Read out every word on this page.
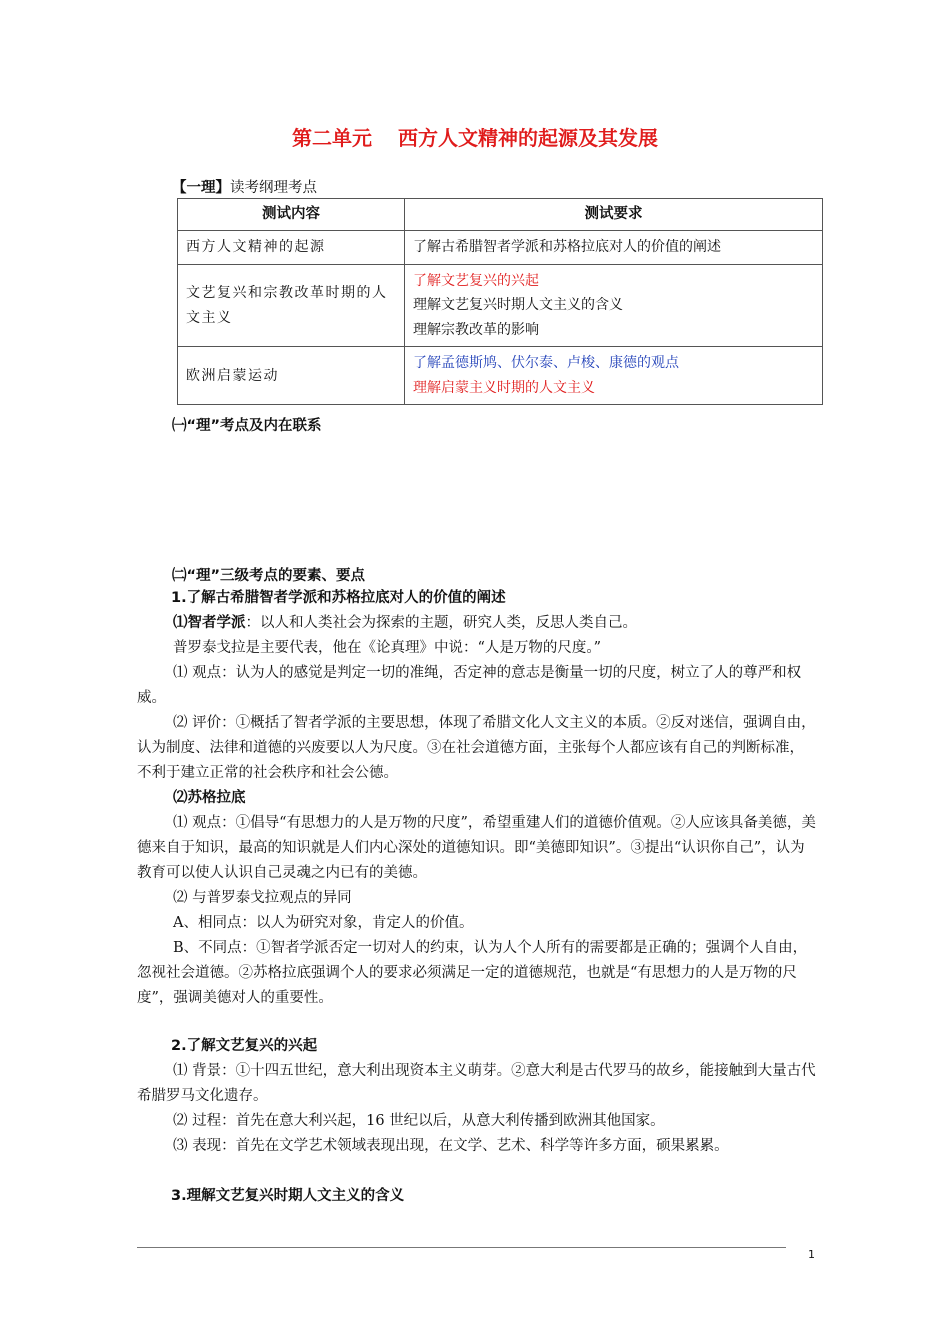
第二单元 西方人文精神的起源及其发展
【一理】读考纲理考点
测试内容	测试要求
西方人文精神的起源	了解古希腊智者学派和苏格拉底对人的价值的阐述

文艺复兴和宗教改革时期的人文主义	了解文艺复兴的兴起
理解文艺复兴时期人文主义的含义
理解宗教改革的影响

欧洲启蒙运动	了解孟德斯鸠、伏尔泰、卢梭、康德的观点
理解启蒙主义时期的人文主义
㈠“理”考点及内在联系
㈡“理”三级考点的要素、要点

1.了解古希腊智者学派和苏格拉底对人的价值的阐述

⑴智者学派：以人和人类社会为探索的主题，研究人类，反思人类自己。

普罗泰戈拉是主要代表，他在《论真理》中说：“人是万物的尺度。”

⑴ 观点：认为人的感觉是判定一切的准绳，否定神的意志是衡量一切的尺度，树立了人的尊严和权威。

⑵ 评价：①概括了智者学派的主要思想，体现了希腊文化人文主义的本质。②反对迷信，强调自由，认为制度、法律和道德的兴废要以人为尺度。③在社会道德方面，主张每个人都应该有自己的判断标准，不利于建立正常的社会秩序和社会公德。

⑵苏格拉底

⑴ 观点：①倡导“有思想力的人是万物的尺度”，希望重建人们的道德价值观。②人应该具备美德，美德来自于知识，最高的知识就是人们内心深处的道德知识。即“美德即知识”。③提出“认识你自己”，认为教育可以使人认识自己灵魂之内已有的美德。

⑵ 与普罗泰戈拉观点的异同

A、相同点：以人为研究对象，肯定人的价值。

B、不同点：①智者学派否定一切对人的约束，认为人个人所有的需要都是正确的；强调个人自由，忽视社会道德。②苏格拉底强调个人的要求必须满足一定的道德规范，也就是“有思想力的人是万物的尺度”，强调美德对人的重要性。

2.了解文艺复兴的兴起

⑴ 背景：①十四五世纪，意大利出现资本主义萌芽。②意大利是古代罗马的故乡，能接触到大量古代希腊罗马文化遗存。

⑵ 过程：首先在意大利兴起，16 世纪以后，从意大利传播到欧洲其他国家。

⑶ 表现：首先在文学艺术领域表现出现，在文学、艺术、科学等许多方面，硕果累累。

3.理解文艺复兴时期人文主义的含义

1
